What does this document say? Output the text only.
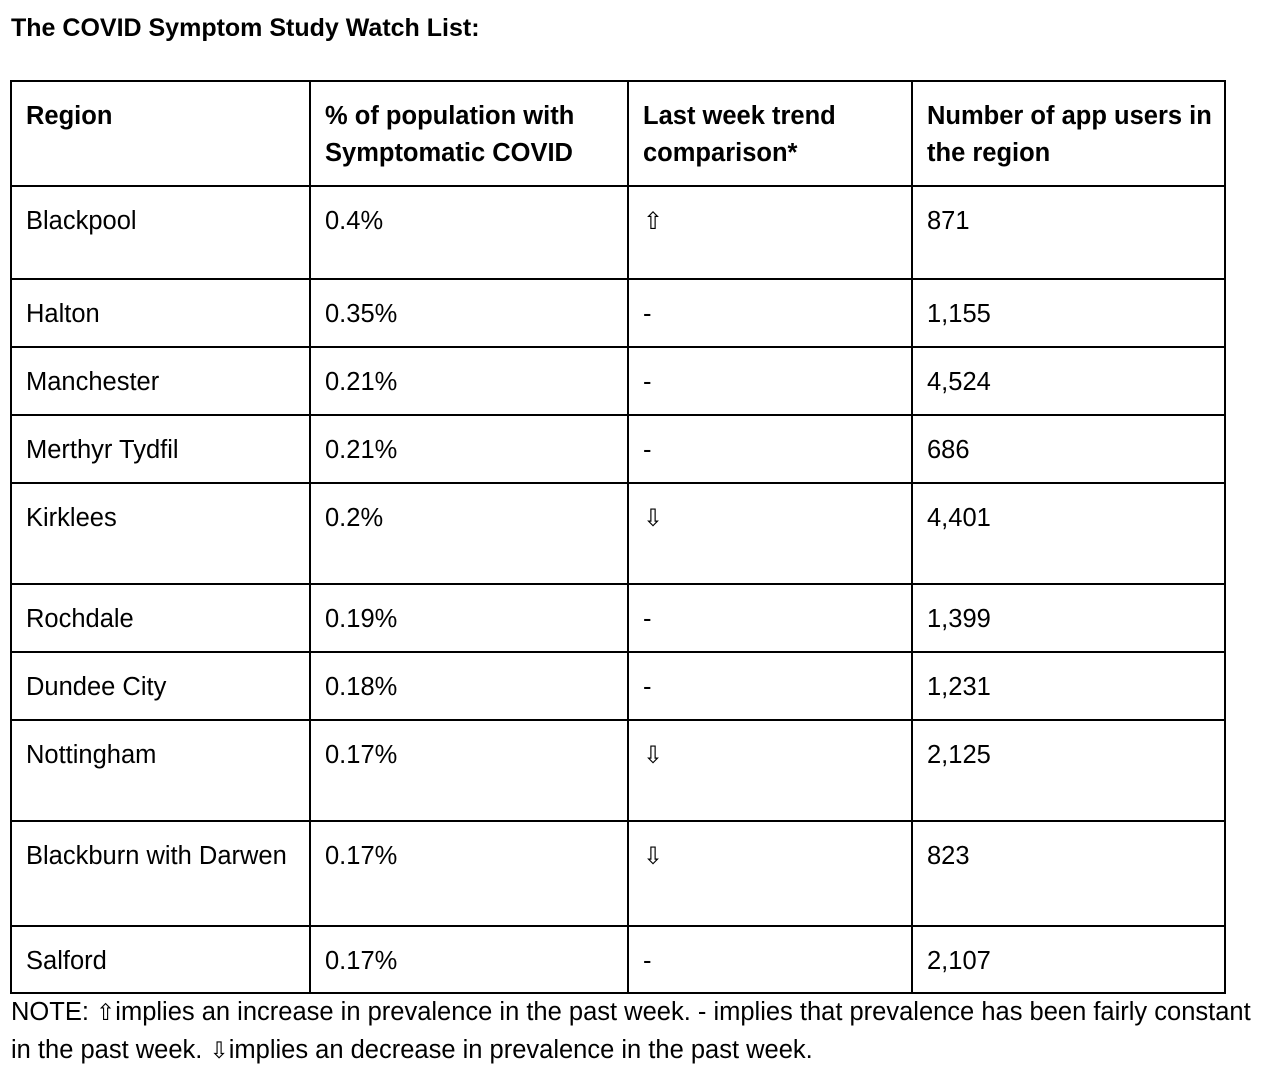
The COVID Symptom Study Watch List:
Region	% of population with Symptomatic COVID	Last week trend comparison*	Number of app users in the region
Blackpool	0.4%	⇧	871
Halton	0.35%	-	1,155
Manchester	0.21%	-	4,524
Merthyr Tydfil	0.21%	-	686
Kirklees	0.2%	⇩	4,401
Rochdale	0.19%	-	1,399
Dundee City	0.18%	-	1,231
Nottingham	0.17%	⇩	2,125
Blackburn with Darwen	0.17%	⇩	823
Salford	0.17%	-	2,107
NOTE: ⇧implies an increase in prevalence in the past week. - implies that prevalence has been fairly constant in the past week. ⇩implies an decrease in prevalence in the past week.
